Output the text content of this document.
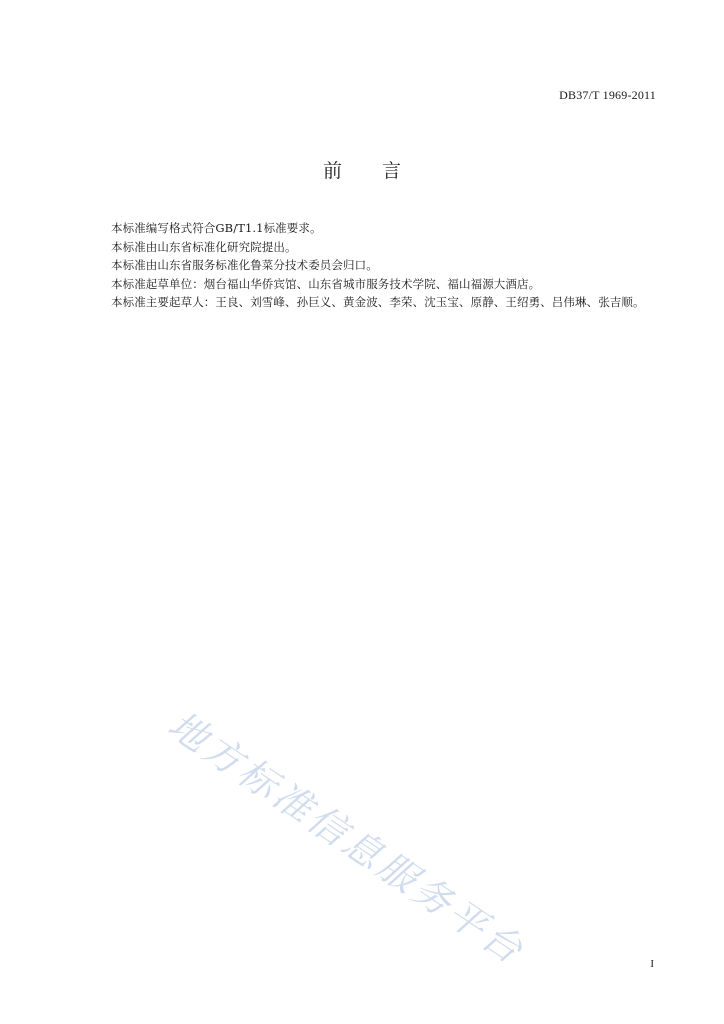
DB37/T 1969-2011
前 言

本标准编写格式符合GB/T1.1标准要求。

本标准由山东省标准化研究院提出。

本标准由山东省服务标准化鲁菜分技术委员会归口。

本标准起草单位：烟台福山华侨宾馆、山东省城市服务技术学院、福山福源大酒店。

本标准主要起草人：王良、刘雪峰、孙巨义、黄金波、李荣、沈玉宝、原静、王绍勇、吕伟琳、张吉顺。

地方标准信息服务平台	I
